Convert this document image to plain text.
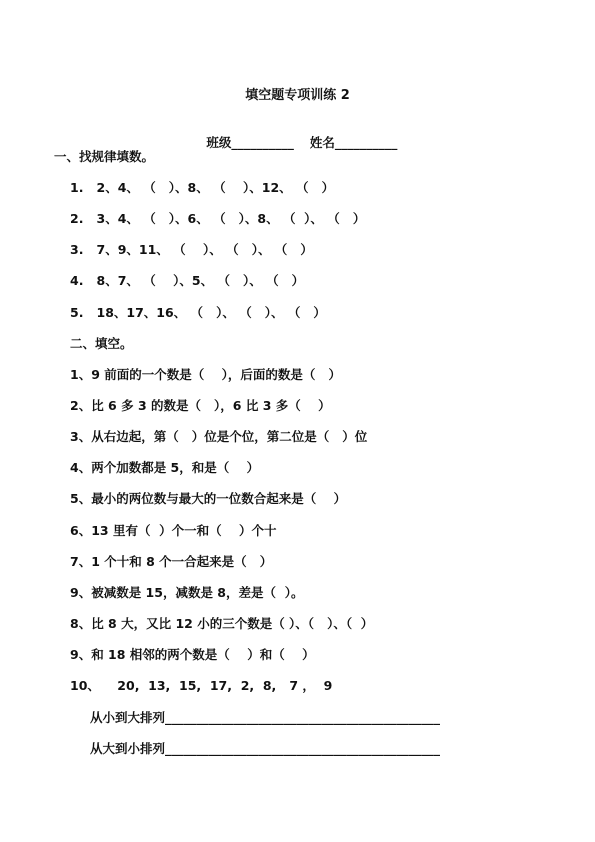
填空题专项训练 2

班级__________ 姓名__________

一、找规律填数。
1.   2、4、 （   ）、8、 （    ）、12、 （   ）
2.   3、4、 （   ）、6、 （   ）、8、 （  ）、 （   ）
3.   7、9、11、 （    ）、 （   ）、 （   ）
4.   8、7、 （    ）、5、 （   ）、 （   ）
5.   18、17、16、 （   ）、 （   ）、 （   ）
二、填空。
1、9 前面的一个数是（    ），后面的数是（   ）
2、比 6 多 3 的数是（   ），6 比 3 多（    ）
3、从右边起，第（   ）位是个位，第二位是（   ）位
4、两个加数都是 5，和是（    ）
5、最小的两位数与最大的一位数合起来是（    ）
6、13 里有（  ）个一和（    ）个十
7、1 个十和 8 个一合起来是（   ）
9、被减数是 15，减数是 8，差是（  ）。
8、比 8 大，又比 12 小的三个数是（ ）、（   ）、（  ）
9、和 18 相邻的两个数是（    ）和（    ）
10、    20,  13,  15,  17,  2,  8,   7 ，  9
从小到大排列____________________________________________
从大到小排列____________________________________________
